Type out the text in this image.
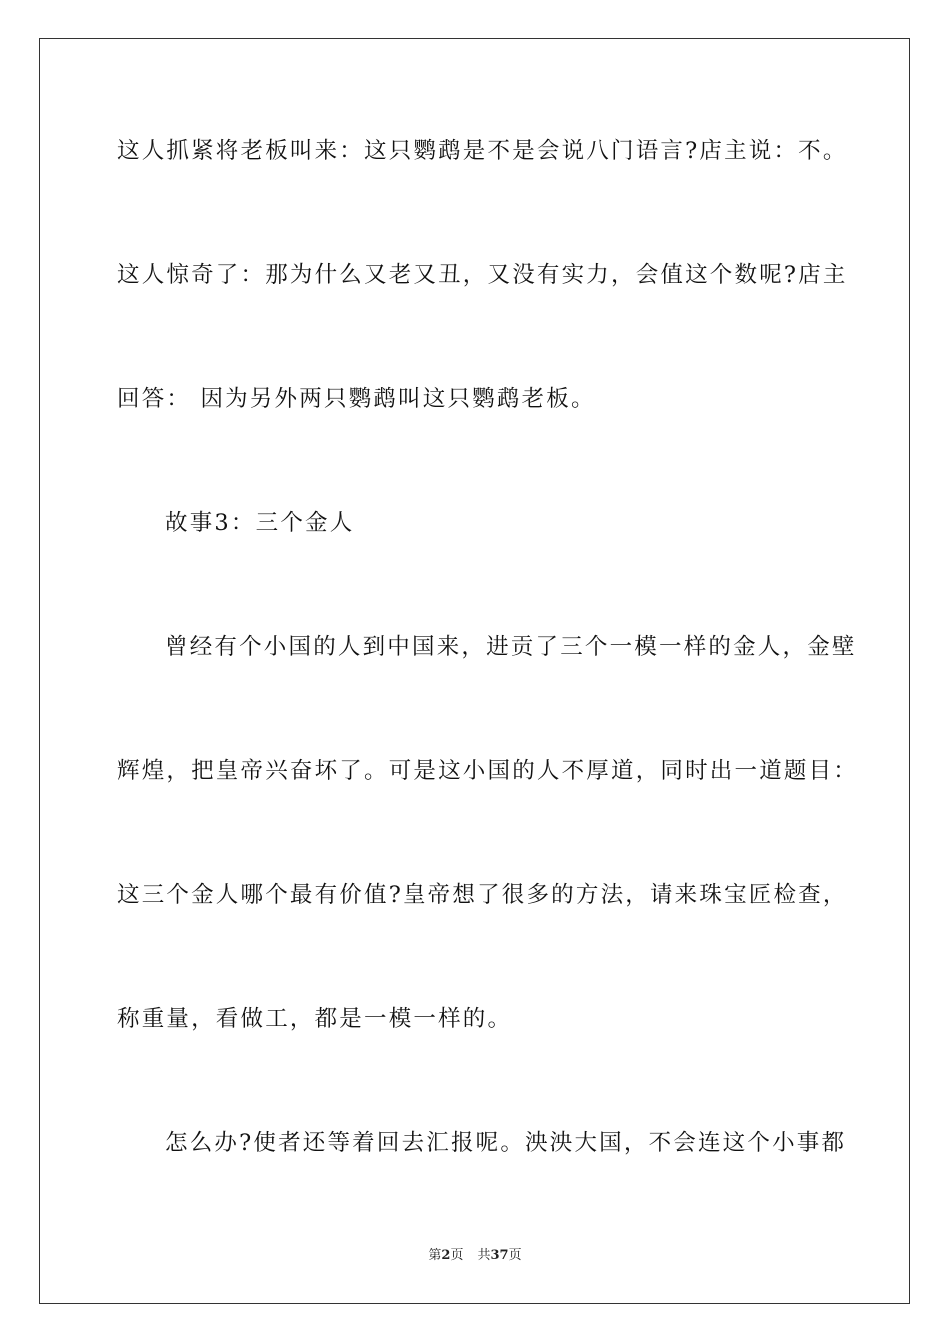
这人抓紧将老板叫来：这只鹦鹉是不是会说八门语言?店主说：不。
这人惊奇了：那为什么又老又丑，又没有实力，会值这个数呢?店主
回答： 因为另外两只鹦鹉叫这只鹦鹉老板。
故事3：三个金人
曾经有个小国的人到中国来，进贡了三个一模一样的金人，金壁
辉煌，把皇帝兴奋坏了。可是这小国的人不厚道，同时出一道题目：
这三个金人哪个最有价值?皇帝想了很多的方法，请来珠宝匠检查，
称重量，看做工，都是一模一样的。
怎么办?使者还等着回去汇报呢。泱泱大国，不会连这个小事都
第2页 共37页
